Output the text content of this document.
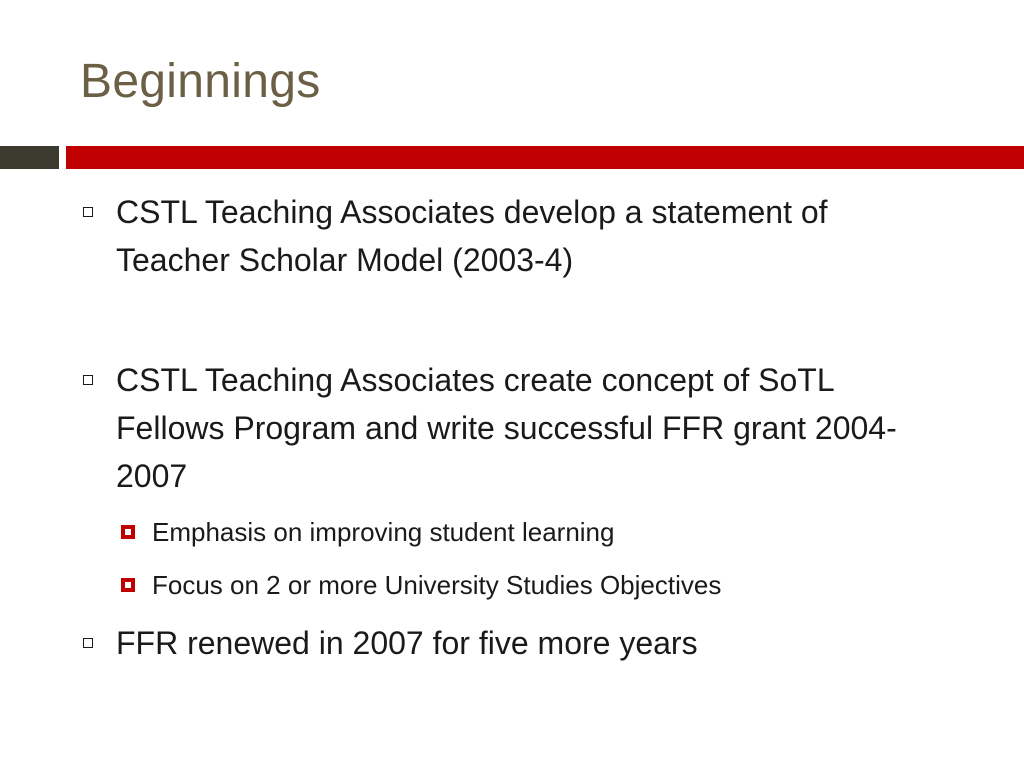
Beginnings
CSTL Teaching Associates develop a statement of Teacher Scholar Model (2003-4)
CSTL Teaching Associates create concept of SoTL Fellows Program and write successful FFR grant 2004-2007
Emphasis on improving student learning
Focus on 2 or more University Studies Objectives
FFR renewed in 2007 for five more years
